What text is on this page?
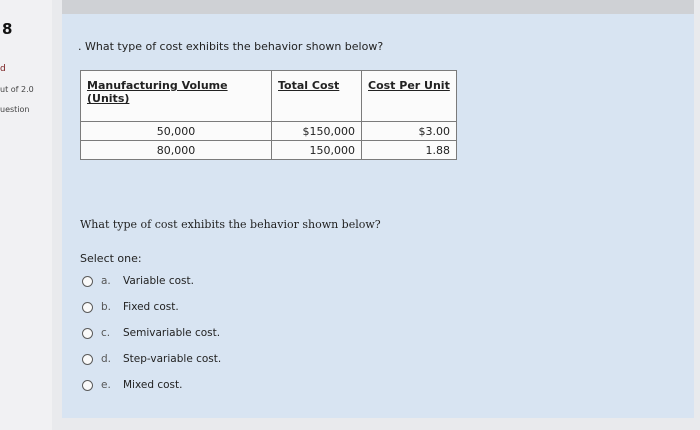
8
d
ut of 2.0
uestion
. What type of cost exhibits the behavior shown below?
Manufacturing Volume (Units)	Total Cost	Cost Per Unit
50,000	$150,000	$3.00
80,000	150,000	1.88
What type of cost exhibits the behavior shown below?
Select one:
a.	Variable cost.
b.	Fixed cost.
c.	Semivariable cost.
d.	Step-variable cost.
e.	Mixed cost.
